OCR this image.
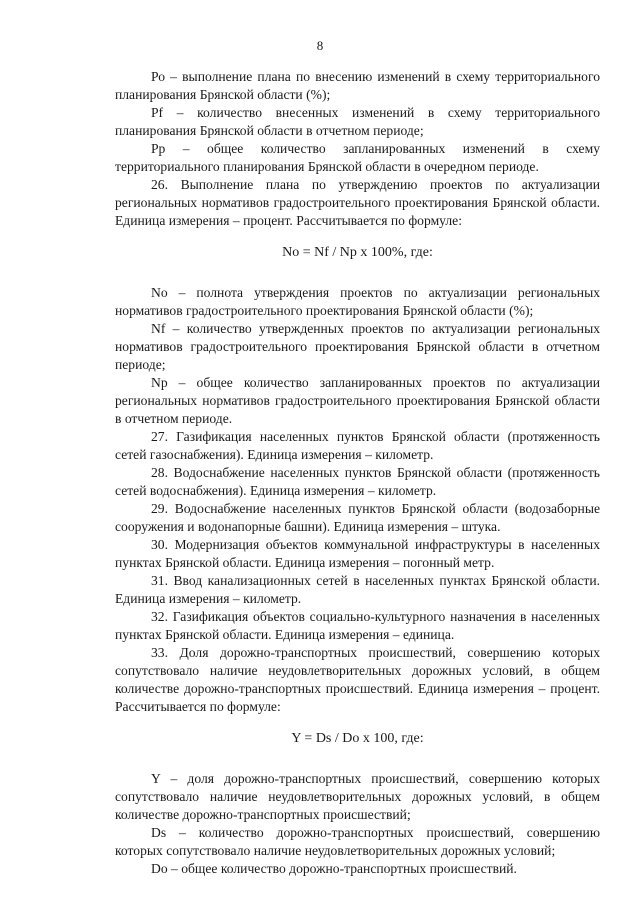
8

Ро – выполнение плана по внесению изменений в схему территориального планирования Брянской области (%);

Pf – количество внесенных изменений в схему территориального планирования Брянской области в отчетном периоде;

Рр – общее количество запланированных изменений в схему территориального планирования Брянской области в очередном периоде.

26. Выполнение плана по утверждению проектов по актуализации региональных нормативов градостроительного проектирования Брянской области. Единица измерения – процент. Рассчитывается по формуле:

No = Nf / Np x 100%, где:

No – полнота утверждения проектов по актуализации региональных нормативов градостроительного проектирования Брянской области (%);

Nf – количество утвержденных проектов по актуализации региональных нормативов градостроительного проектирования Брянской области в отчетном периоде;

Np – общее количество запланированных проектов по актуализации региональных нормативов градостроительного проектирования Брянской области в отчетном периоде.

27. Газификация населенных пунктов Брянской области (протяженность сетей газоснабжения). Единица измерения – километр.

28. Водоснабжение населенных пунктов Брянской области (протяженность сетей водоснабжения). Единица измерения – километр.

29. Водоснабжение населенных пунктов Брянской области (водозаборные сооружения и водонапорные башни). Единица измерения – штука.

30. Модернизация объектов коммунальной инфраструктуры в населенных пунктах Брянской области. Единица измерения – погонный метр.

31. Ввод канализационных сетей в населенных пунктах Брянской области. Единица измерения – километр.

32. Газификация объектов социально-культурного назначения в населенных пунктах Брянской области. Единица измерения – единица.

33. Доля дорожно-транспортных происшествий, совершению которых сопутствовало наличие неудовлетворительных дорожных условий, в общем количестве дорожно-транспортных происшествий. Единица измерения – процент. Рассчитывается по формуле:

Y = Ds / Do x 100, где:

Y – доля дорожно-транспортных происшествий, совершению которых сопутствовало наличие неудовлетворительных дорожных условий, в общем количестве дорожно-транспортных происшествий;

Ds – количество дорожно-транспортных происшествий, совершению которых сопутствовало наличие неудовлетворительных дорожных условий;

Do – общее количество дорожно-транспортных происшествий.
